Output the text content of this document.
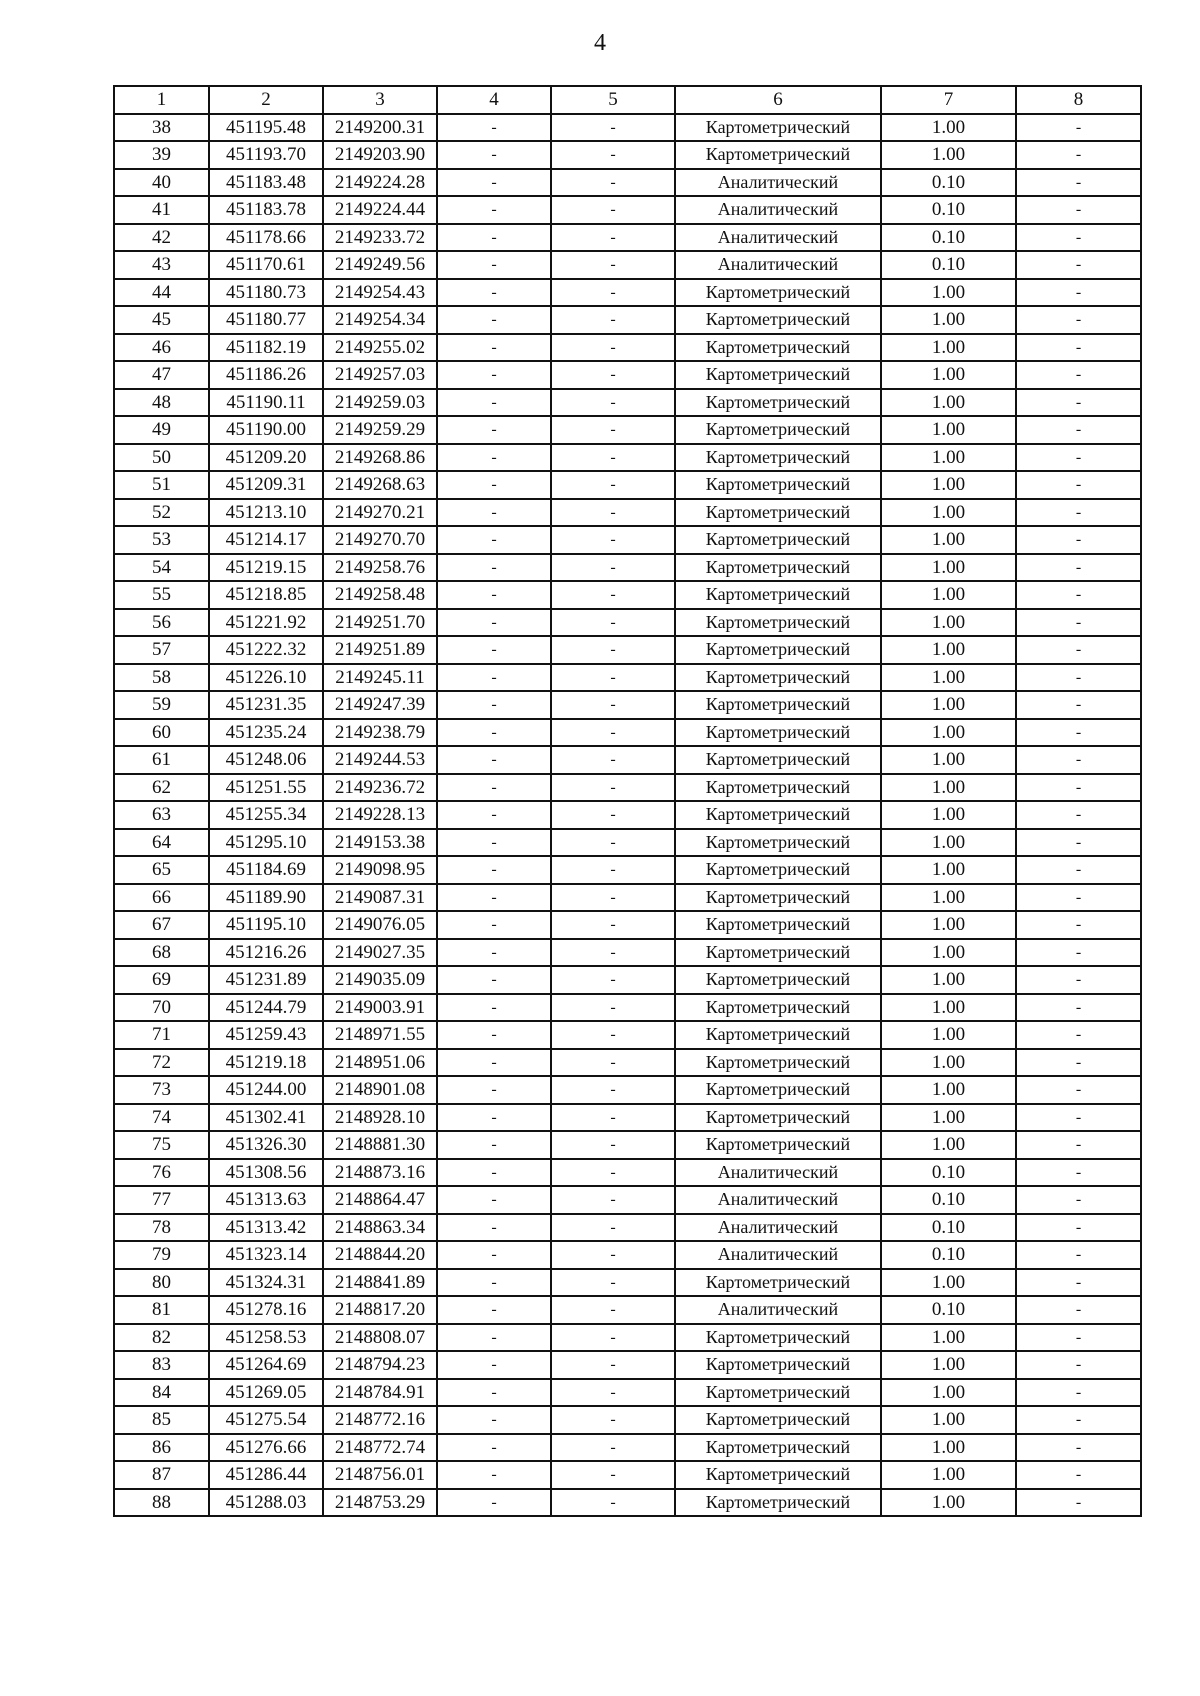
4
1	2	3	4	5	6	7	8
38	451195.48	2149200.31	-	-	Картометрический	1.00	-
39	451193.70	2149203.90	-	-	Картометрический	1.00	-
40	451183.48	2149224.28	-	-	Аналитический	0.10	-
41	451183.78	2149224.44	-	-	Аналитический	0.10	-
42	451178.66	2149233.72	-	-	Аналитический	0.10	-
43	451170.61	2149249.56	-	-	Аналитический	0.10	-
44	451180.73	2149254.43	-	-	Картометрический	1.00	-
45	451180.77	2149254.34	-	-	Картометрический	1.00	-
46	451182.19	2149255.02	-	-	Картометрический	1.00	-
47	451186.26	2149257.03	-	-	Картометрический	1.00	-
48	451190.11	2149259.03	-	-	Картометрический	1.00	-
49	451190.00	2149259.29	-	-	Картометрический	1.00	-
50	451209.20	2149268.86	-	-	Картометрический	1.00	-
51	451209.31	2149268.63	-	-	Картометрический	1.00	-
52	451213.10	2149270.21	-	-	Картометрический	1.00	-
53	451214.17	2149270.70	-	-	Картометрический	1.00	-
54	451219.15	2149258.76	-	-	Картометрический	1.00	-
55	451218.85	2149258.48	-	-	Картометрический	1.00	-
56	451221.92	2149251.70	-	-	Картометрический	1.00	-
57	451222.32	2149251.89	-	-	Картометрический	1.00	-
58	451226.10	2149245.11	-	-	Картометрический	1.00	-
59	451231.35	2149247.39	-	-	Картометрический	1.00	-
60	451235.24	2149238.79	-	-	Картометрический	1.00	-
61	451248.06	2149244.53	-	-	Картометрический	1.00	-
62	451251.55	2149236.72	-	-	Картометрический	1.00	-
63	451255.34	2149228.13	-	-	Картометрический	1.00	-
64	451295.10	2149153.38	-	-	Картометрический	1.00	-
65	451184.69	2149098.95	-	-	Картометрический	1.00	-
66	451189.90	2149087.31	-	-	Картометрический	1.00	-
67	451195.10	2149076.05	-	-	Картометрический	1.00	-
68	451216.26	2149027.35	-	-	Картометрический	1.00	-
69	451231.89	2149035.09	-	-	Картометрический	1.00	-
70	451244.79	2149003.91	-	-	Картометрический	1.00	-
71	451259.43	2148971.55	-	-	Картометрический	1.00	-
72	451219.18	2148951.06	-	-	Картометрический	1.00	-
73	451244.00	2148901.08	-	-	Картометрический	1.00	-
74	451302.41	2148928.10	-	-	Картометрический	1.00	-
75	451326.30	2148881.30	-	-	Картометрический	1.00	-
76	451308.56	2148873.16	-	-	Аналитический	0.10	-
77	451313.63	2148864.47	-	-	Аналитический	0.10	-
78	451313.42	2148863.34	-	-	Аналитический	0.10	-
79	451323.14	2148844.20	-	-	Аналитический	0.10	-
80	451324.31	2148841.89	-	-	Картометрический	1.00	-
81	451278.16	2148817.20	-	-	Аналитический	0.10	-
82	451258.53	2148808.07	-	-	Картометрический	1.00	-
83	451264.69	2148794.23	-	-	Картометрический	1.00	-
84	451269.05	2148784.91	-	-	Картометрический	1.00	-
85	451275.54	2148772.16	-	-	Картометрический	1.00	-
86	451276.66	2148772.74	-	-	Картометрический	1.00	-
87	451286.44	2148756.01	-	-	Картометрический	1.00	-
88	451288.03	2148753.29	-	-	Картометрический	1.00	-
